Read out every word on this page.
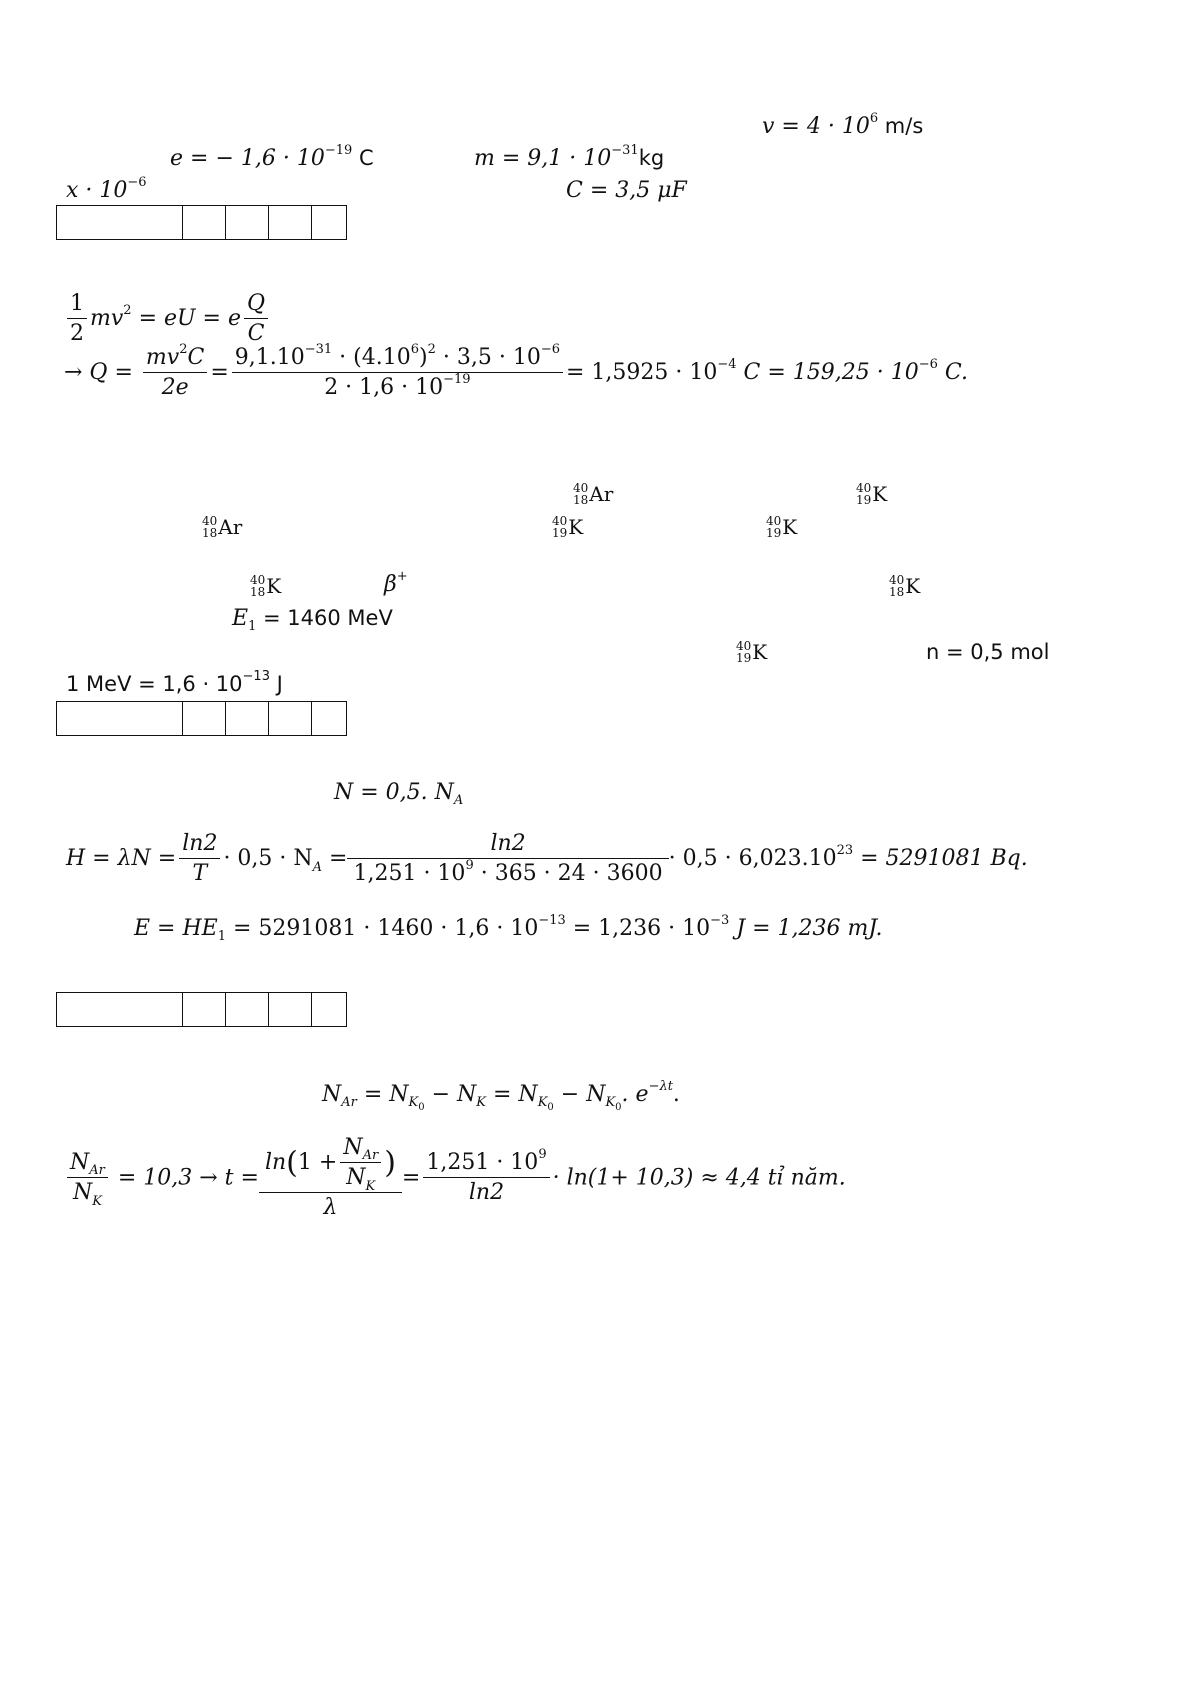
$v = 4 \cdot 10^6$ m/s
e = − $1,6 \cdot 10^{-19}$ C	$m = 9,1 \cdot 10^{-31}kg$
$x \cdot 10^{-6}$	C = 3,5 μF

$\frac{1}{2} mv^2$ = eU = e $\frac{Q}{C}$
→ $Q = \frac{mv^2C}{2e} = \frac{9,1.10^{-31} \cdot (4.10^6)^2 \cdot 3,5 \cdot 10^{-6}}{2 \cdot 1,6 \cdot 10^{-19}} = 1,5925 \cdot 10^{-4}$ $C = 159,25 \cdot 10^{-6}$ C.
40
18 Ar	40
19 K
40
18 Ar	40
19 K	40
19 K
40
18 K	β+	40
18 K
$E_1 = 1460$ MeV
40
19 K	n = 0,5 mol
1 MeV = $1,6 \cdot 10^{-13}$ J

N = 0,5. $N_A$
$H = \lambda N = \frac{\ln 2}{T} \cdot 0,5 \cdot N_A = \frac{\ln 2}{1,251 \cdot 10^9 \cdot 365 \cdot 24 \cdot 3600} \cdot 0,5 \cdot 6,023.10^{23} = 5291081$ Bq.
$E = HE_1 = 5291081 \cdot 1460 \cdot 1,6 \cdot 10^{-13} = 1,236 \cdot 10^{-3}$ J = 1,236 mJ.

$N_{Ar} = N_{K_0} - N_K = N_{K_0} - N_{K_0}$. $e^{-\lambda t}$.
$\frac{N_{Ar}}{N_K} = 10,3 \to t = \frac{\ln(1 + \frac{N_{Ar}}{N_K} )}{\lambda} = \frac{1,251 \cdot 10^9}{\ln 2} \cdot \ln(1+ 10,3) \approx 4,4$ tỉ năm.
